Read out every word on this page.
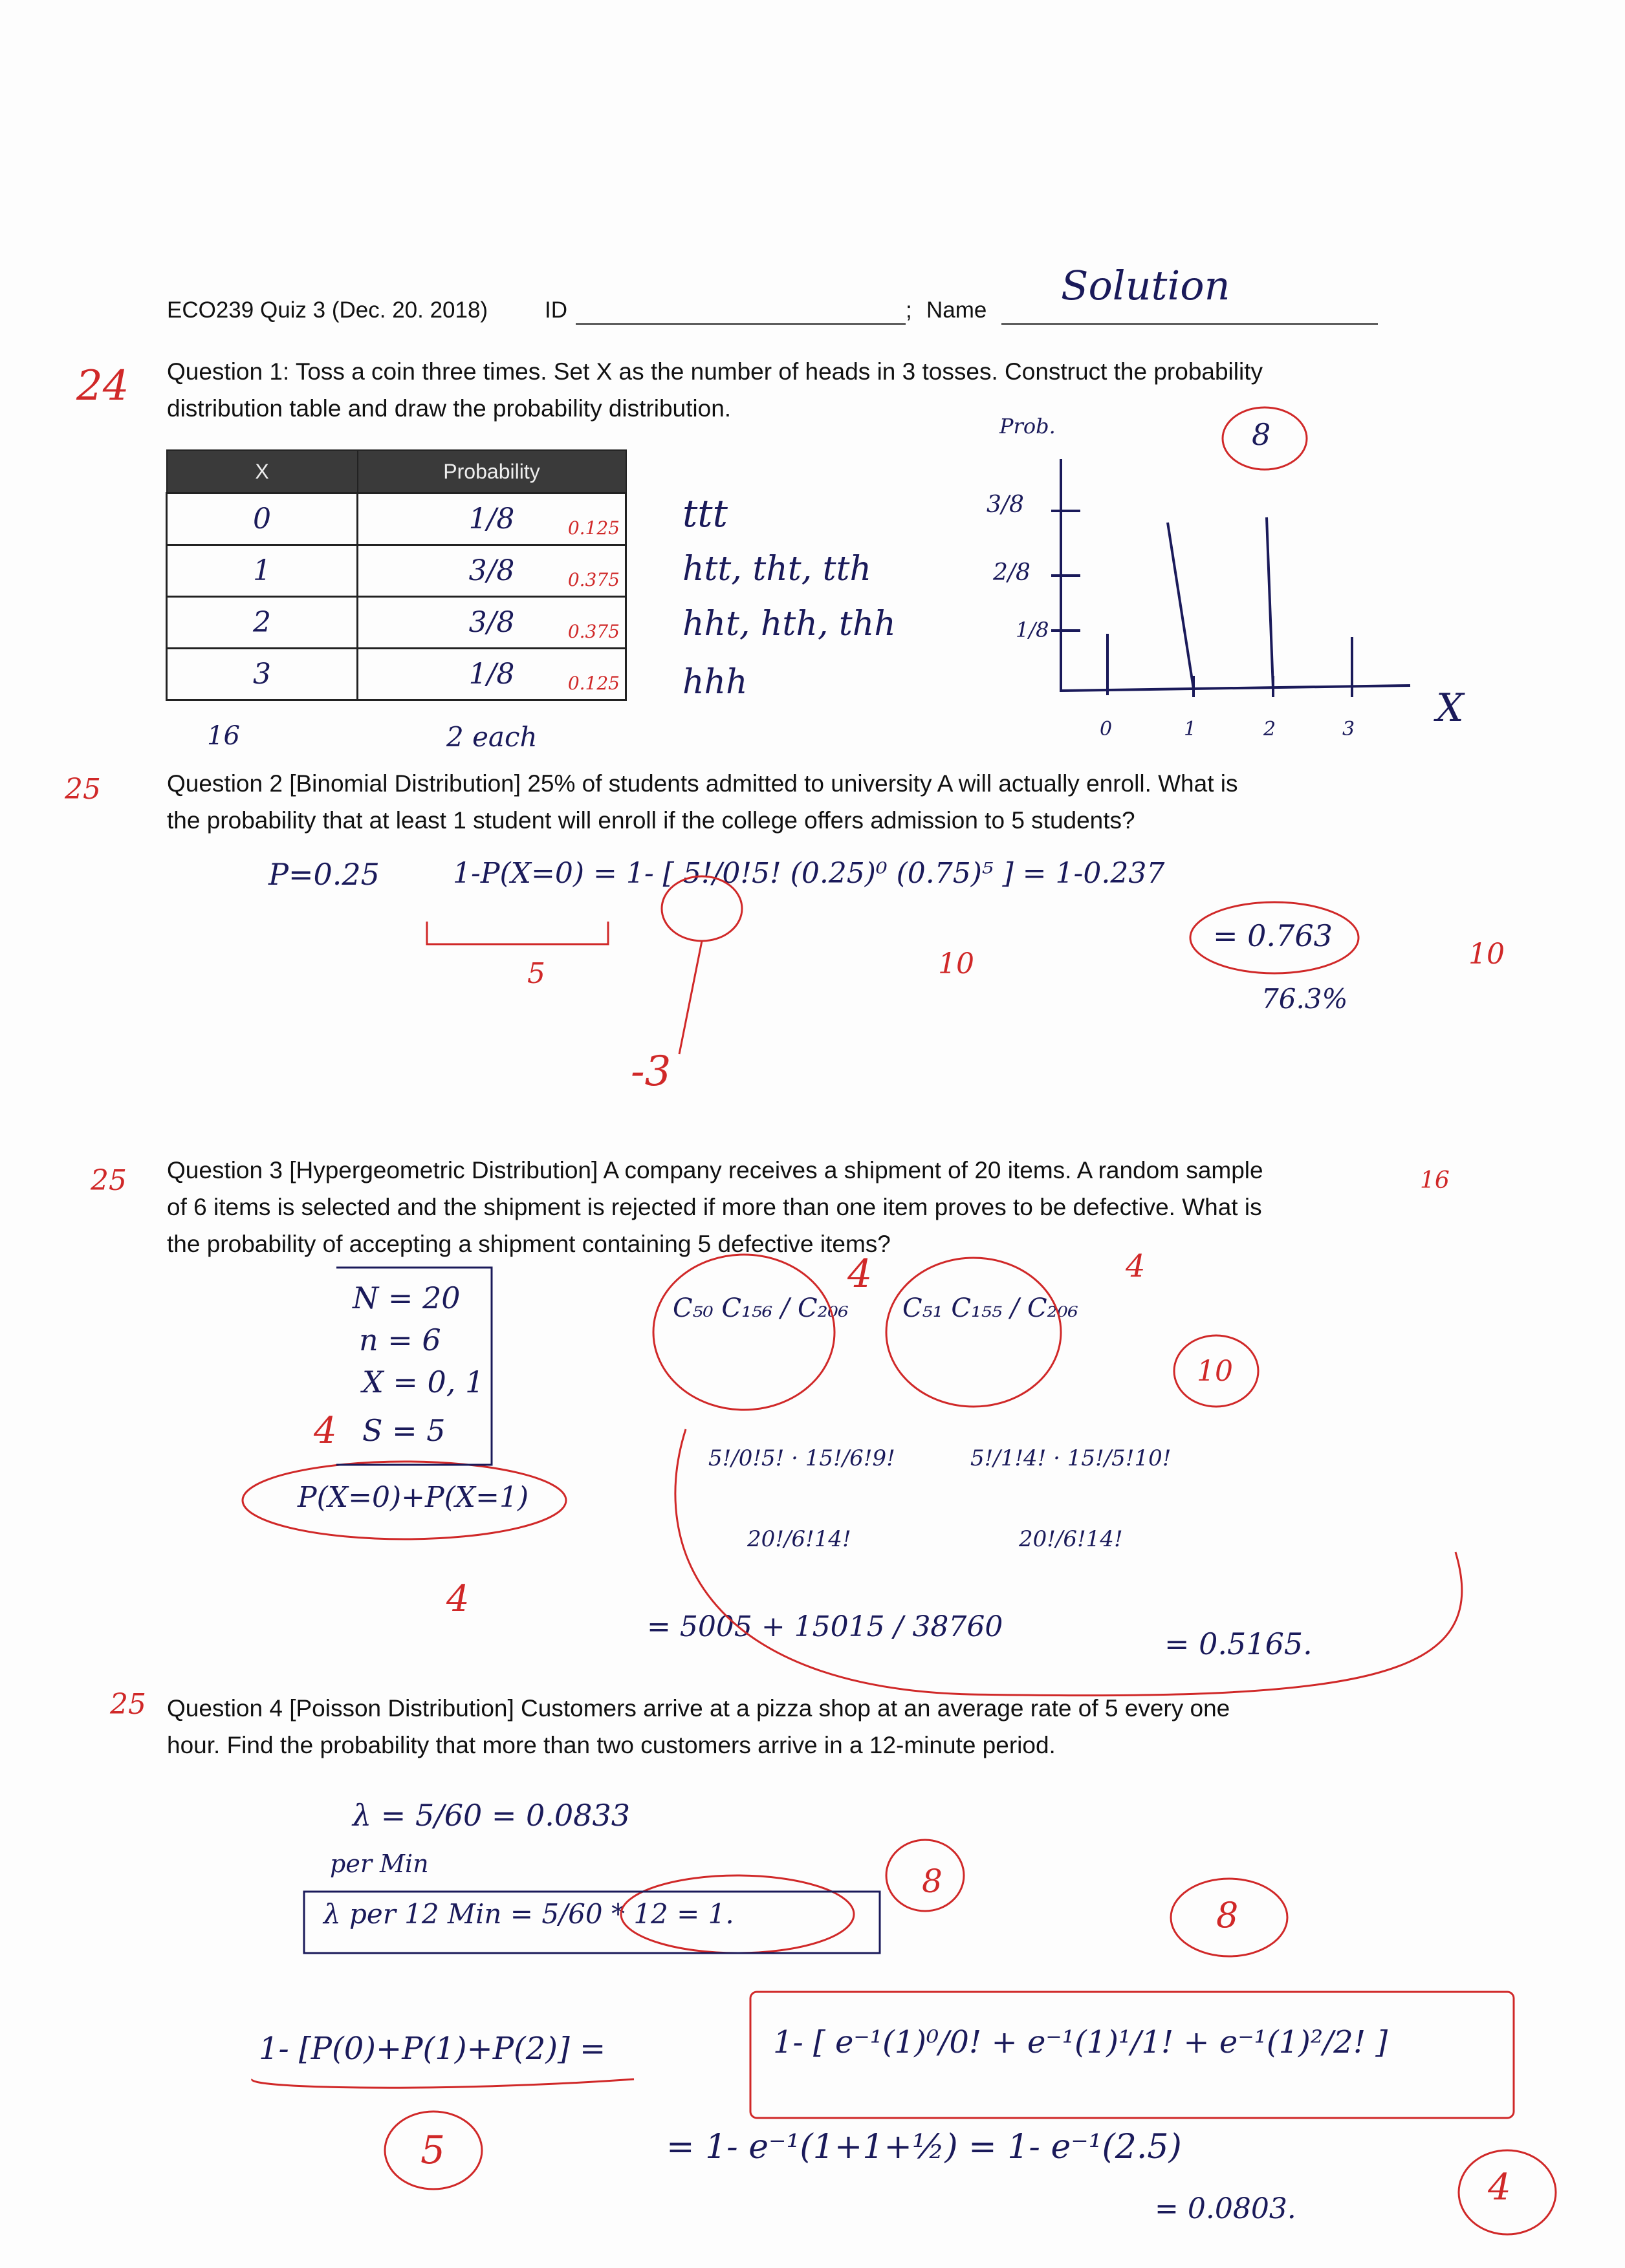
ECO239 Quiz 3 (Dec. 20. 2018)	ID	; Name
Solution
24 Question 1: Toss a coin three times. Set X as the number of heads in 3 tosses. Construct the probability
distribution table and draw the probability distribution.
X	Probability
0	1/8 0.125

1	3/8 0.375

2	3/8 0.375

3	1/8 0.125
ttt
htt, tht, tth
hht, hth, thh
hhh
16	2 each
Prob.
X
3/8
2/8
1/8
0	1	2	3
8
25	Question 2 [Binomial Distribution] 25% of students admitted to university A will actually enroll. What is
the probability that at least 1 student will enroll if the college offers admission to 5 students?
P=0.25	1-P(X=0) = 1- [ 5!/0!5! (0.25)⁰ (0.75)⁵ ] = 1-0.237
= 0.763
76.3%
5	10	10
-3
25	16
Question 3 [Hypergeometric Distribution] A company receives a shipment of 20 items. A random sample
of 6 items is selected and the shipment is rejected if more than one item proves to be defective. What is
the probability of accepting a shipment containing 5 defective items?
N = 20
n = 6
X = 0, 1
S = 5
P(X=0)+P(X=1)
C₅₀ C₁₅₆ / C₂₀₆ C₅₁ C₁₅₅ / C₂₀₆
5!/0!5! · 15!/6!9!
20!/6!14!
5!/1!4! · 15!/5!10!
20!/6!14!
= 5005 + 15015 / 38760	= 0.5165.
4	4
10
4
4
25 Question 4 [Poisson Distribution] Customers arrive at a pizza shop at an average rate of 5 every one
hour. Find the probability that more than two customers arrive in a 12-minute period.
λ = 5/60 = 0.0833
per Min
λ per 12 Min = 5/60 * 12 = 1.
1- [P(0)+P(1)+P(2)] =	1- [ e⁻¹(1)⁰/0! + e⁻¹(1)¹/1! + e⁻¹(1)²/2! ]
= 1- e⁻¹(1+1+½) = 1- e⁻¹(2.5)
= 0.0803.
8
8
5
4
